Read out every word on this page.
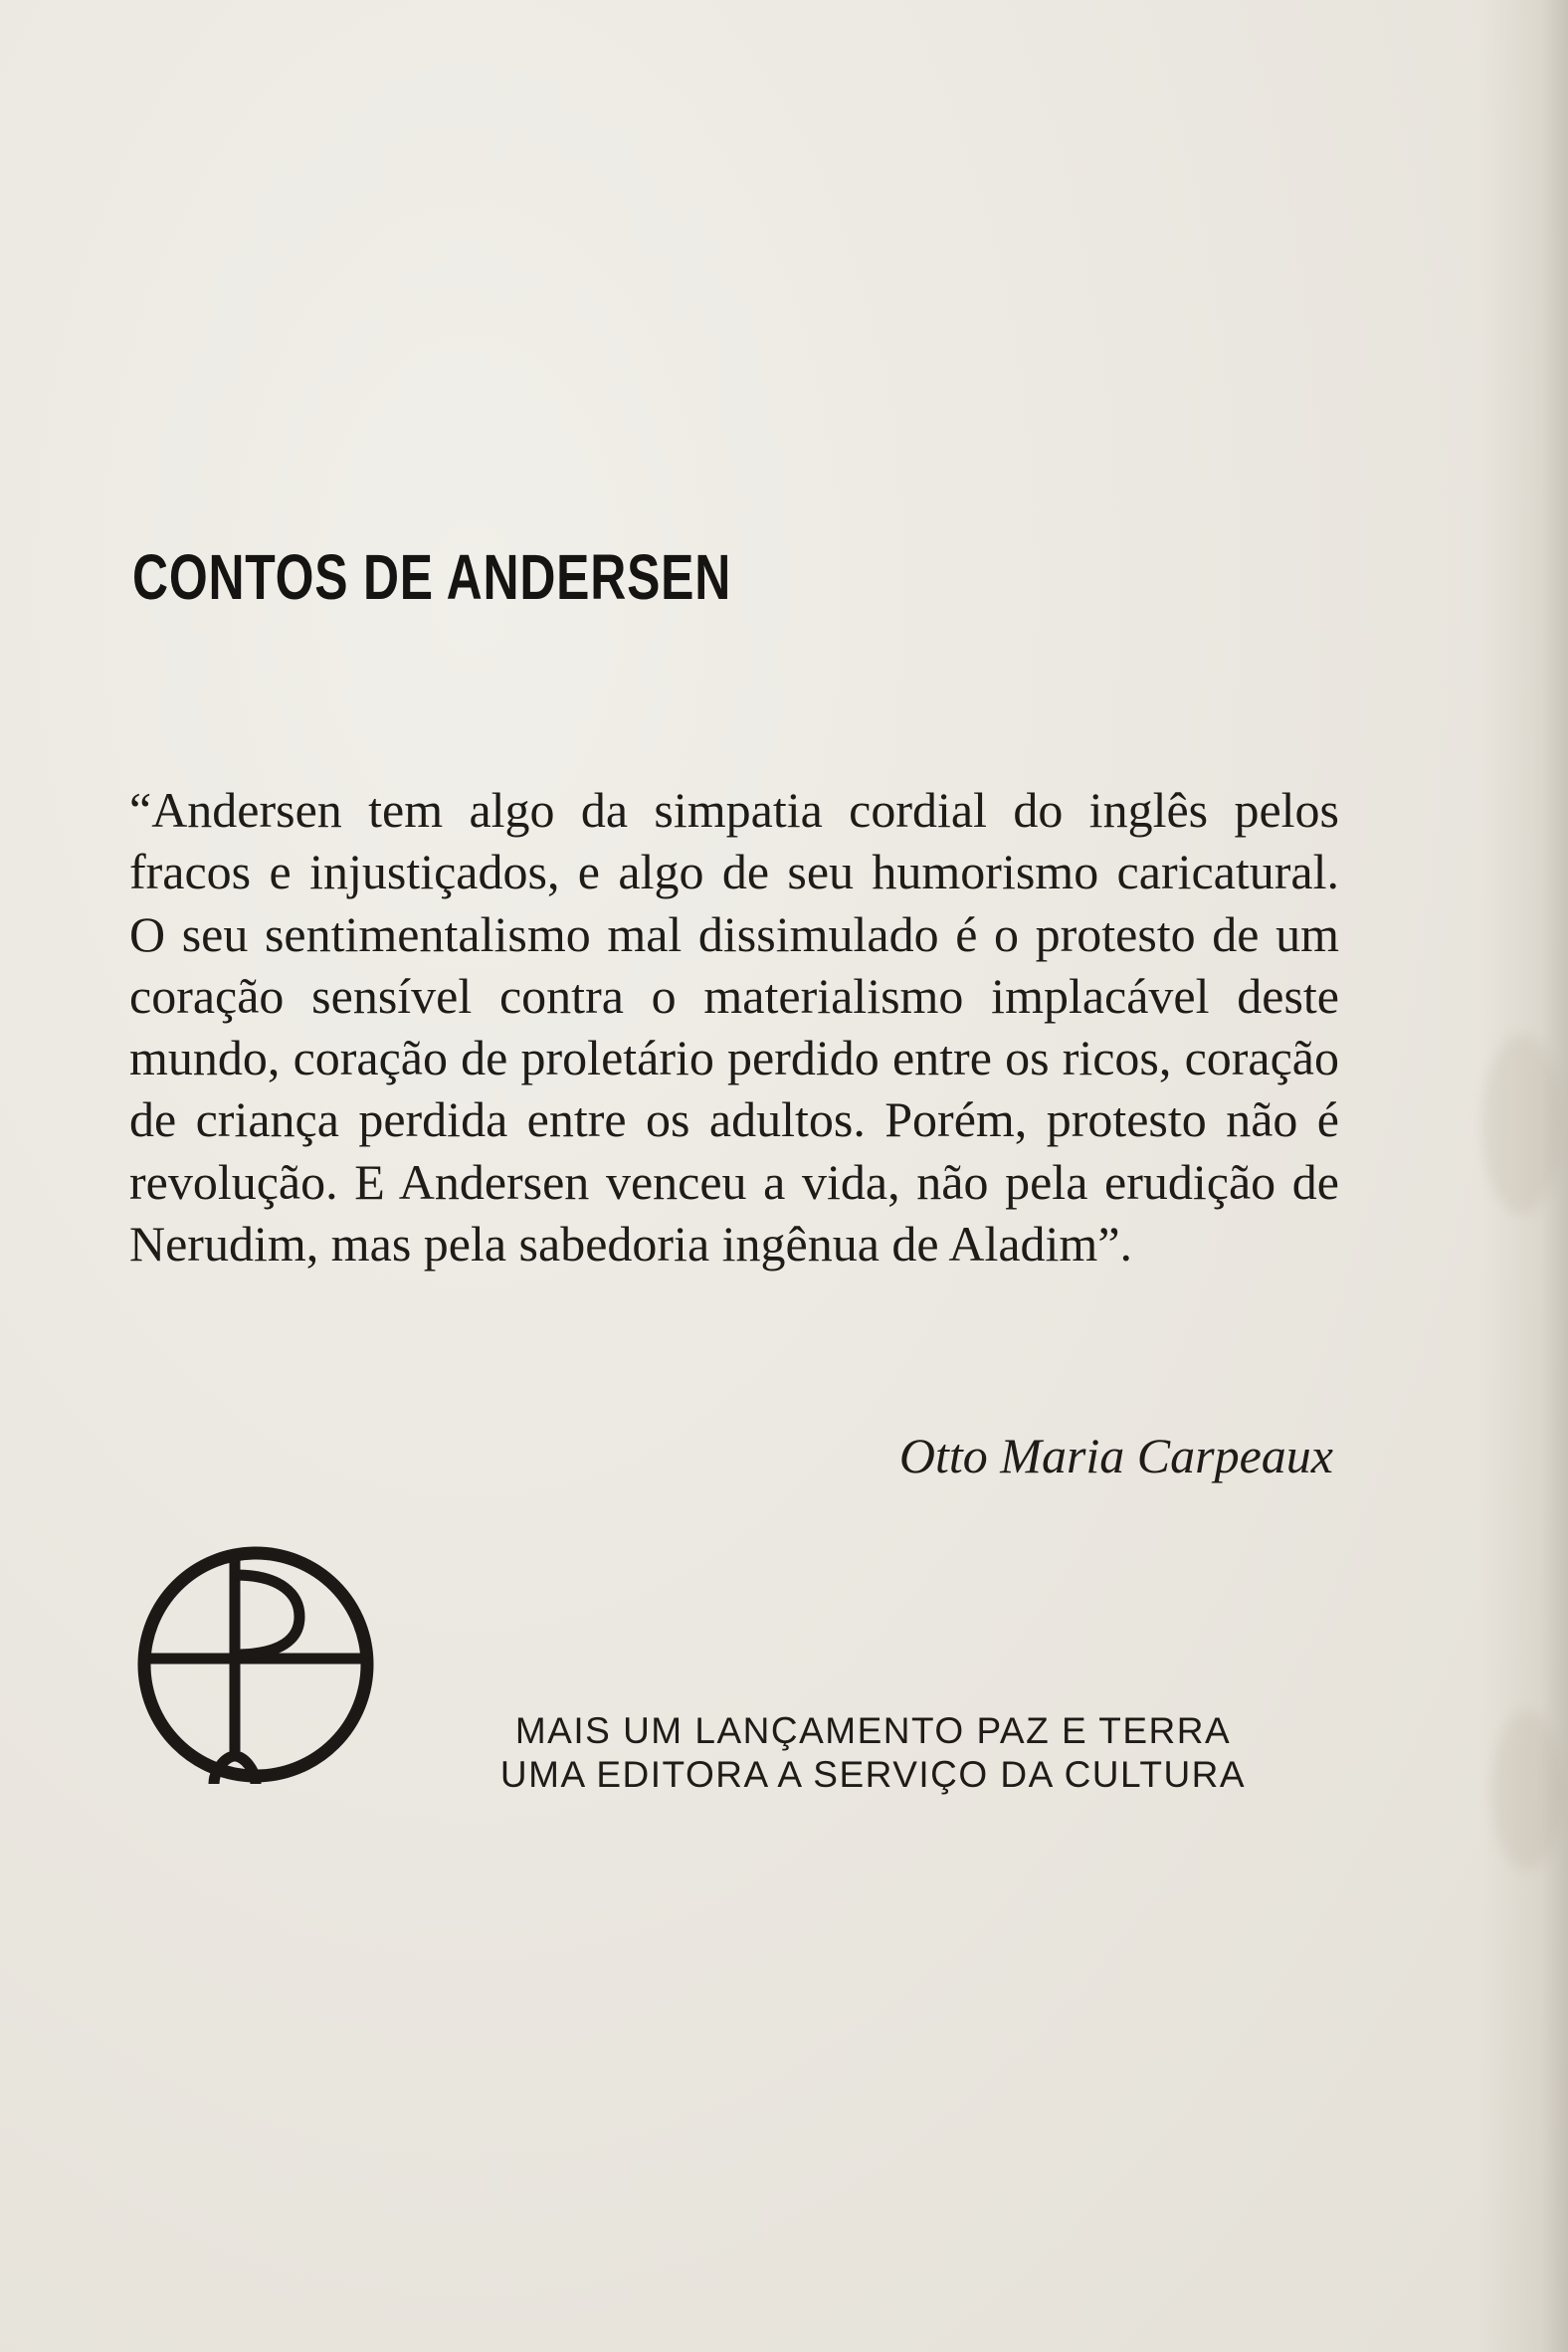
CONTOS DE ANDERSEN

“Andersen tem algo da simpatia cordial do inglês pelos fracos e injustiçados, e algo de seu humorismo caricatural. O seu sentimentalismo mal dissimulado é o protesto de um coração sensível contra o materialismo implacável deste mundo, coração de proletário perdido entre os ricos, coração de criança perdida entre os adultos. Porém, protesto não é revolução. E Andersen venceu a vida, não pela erudição de Nerudim, mas pela sabedoria ingênua de Aladim”.

Otto Maria Carpeaux

MAIS UM LANÇAMENTO PAZ E TERRA
UMA EDITORA A SERVIÇO DA CULTURA
